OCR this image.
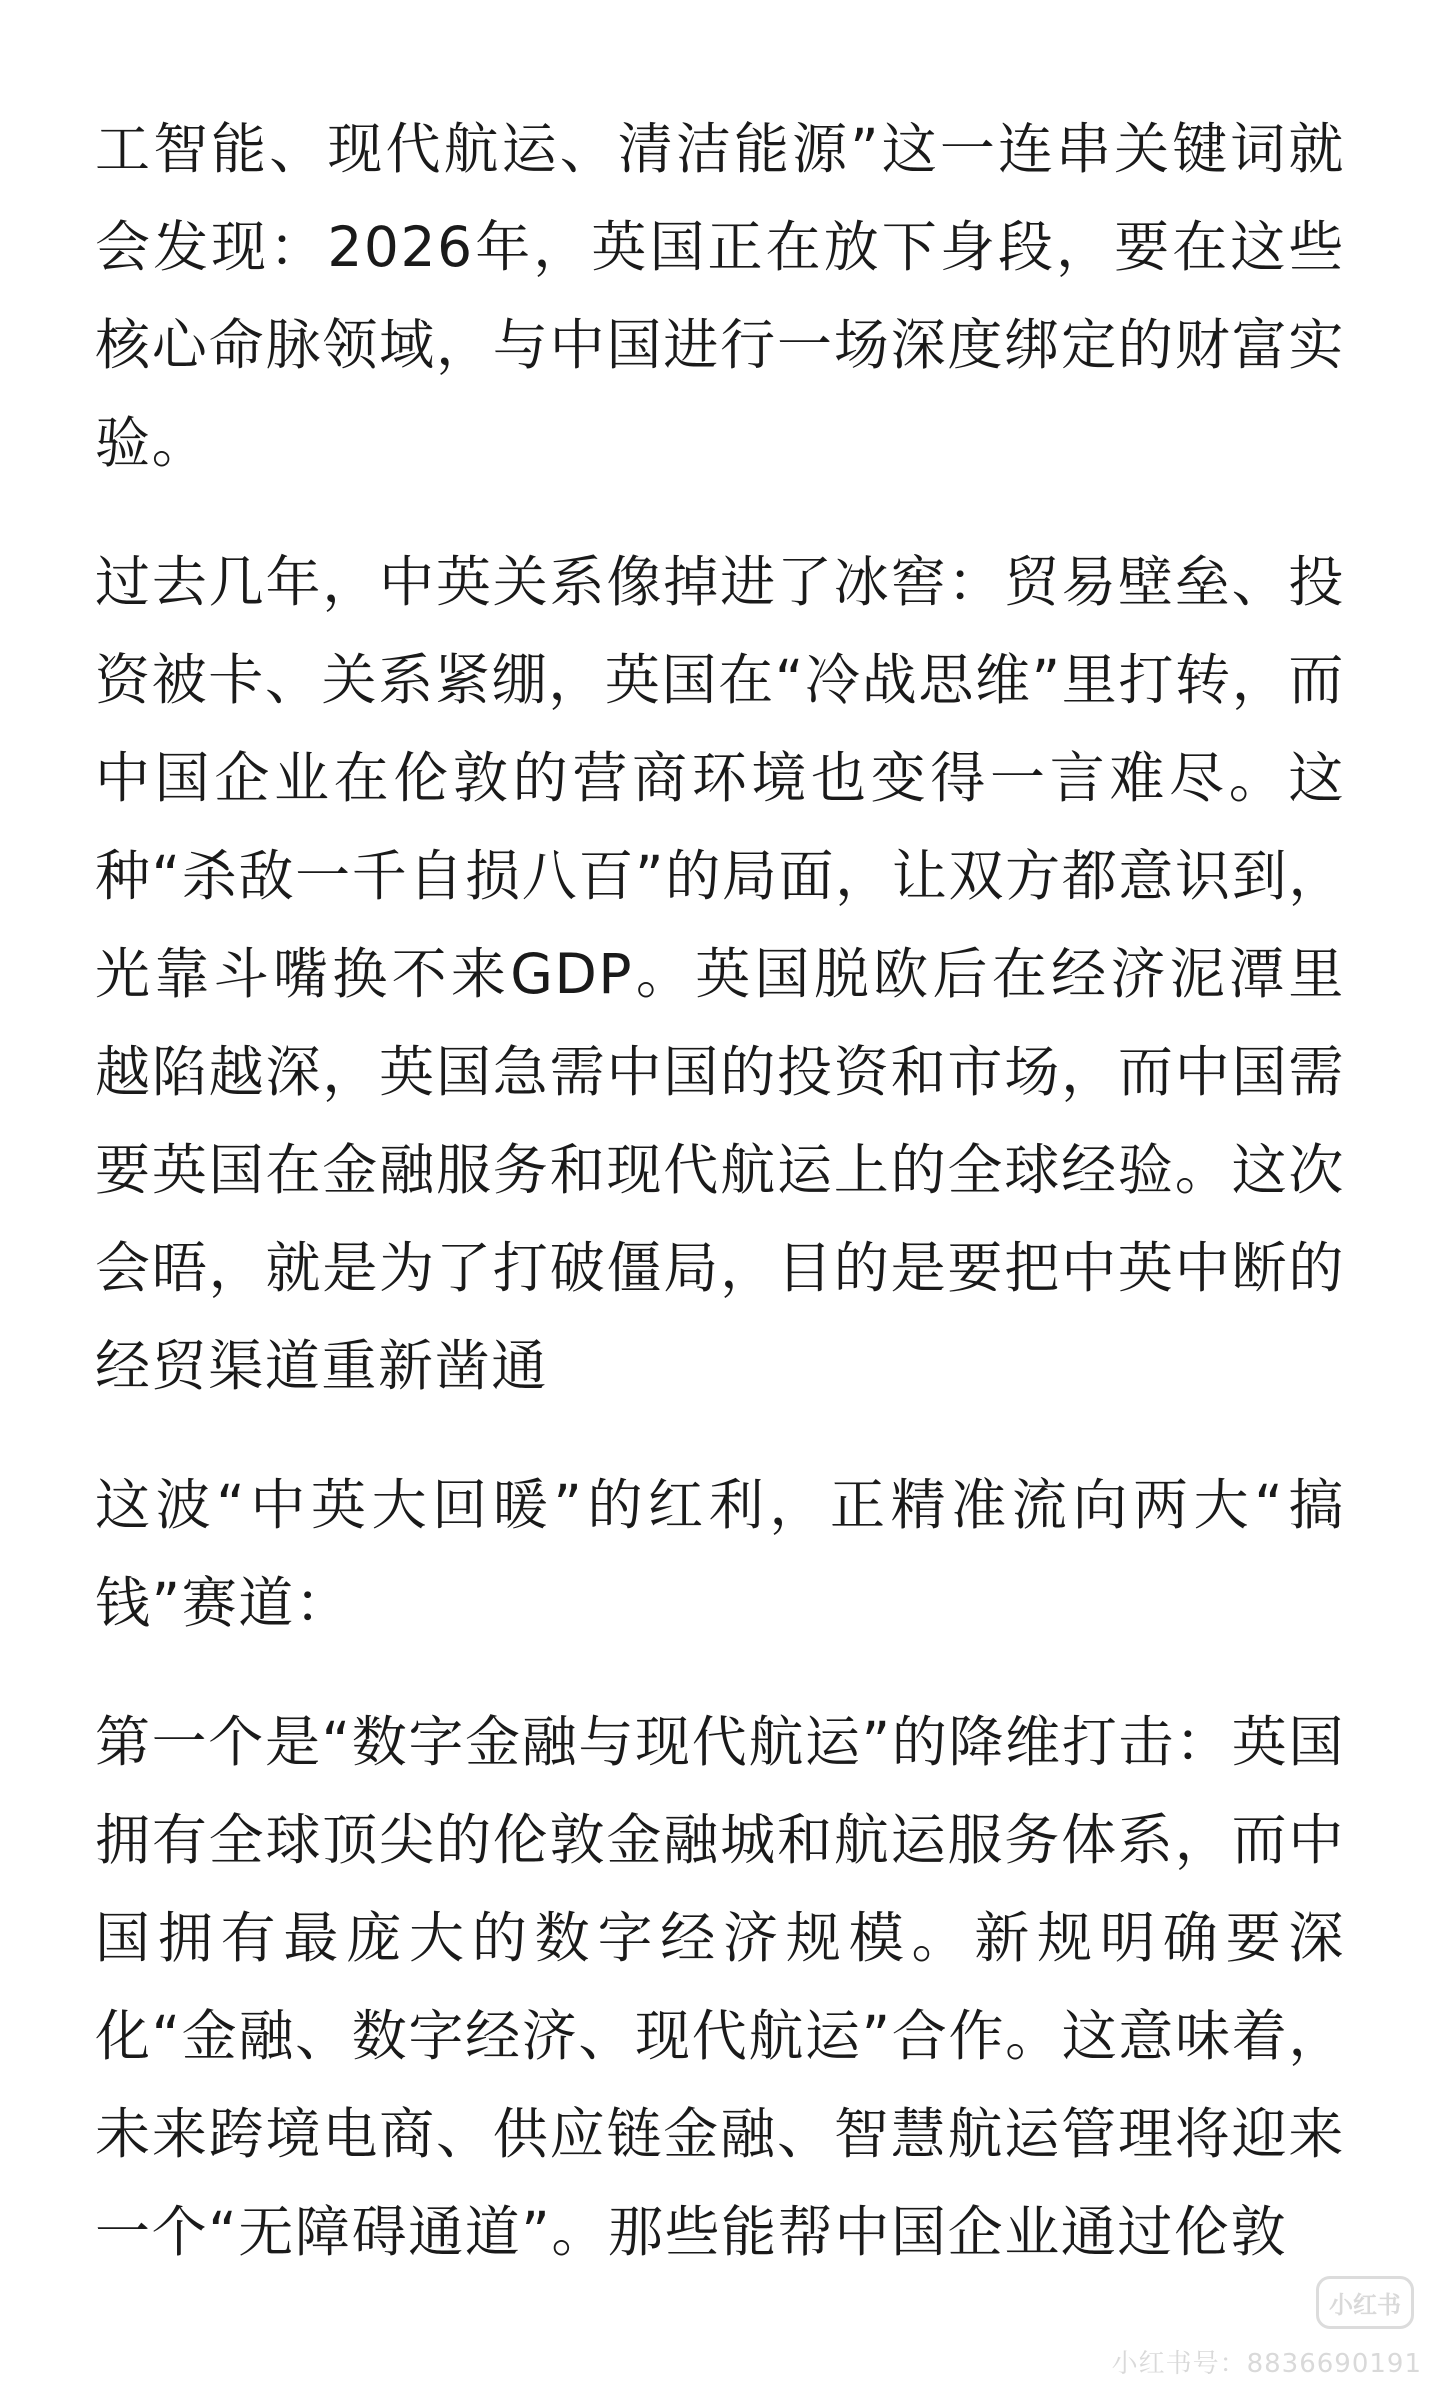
工智能、现代航运、清洁能源”这一连串关键词就会发现：2026年，英国正在放下身段，要在这些核心命脉领域，与中国进行一场深度绑定的财富实验。

过去几年，中英关系像掉进了冰窖：贸易壁垒、投资被卡、关系紧绷，英国在“冷战思维”里打转，而中国企业在伦敦的营商环境也变得一言难尽。这种“杀敌一千自损八百”的局面，让双方都意识到，光靠斗嘴换不来GDP。英国脱欧后在经济泥潭里越陷越深，英国急需中国的投资和市场，而中国需要英国在金融服务和现代航运上的全球经验。这次会晤，就是为了打破僵局，目的是要把中英中断的经贸渠道重新凿通

这波“中英大回暖”的红利，正精准流向两大“搞钱”赛道：

第一个是“数字金融与现代航运”的降维打击：英国拥有全球顶尖的伦敦金融城和航运服务体系，而中国拥有最庞大的数字经济规模。新规明确要深化“金融、数字经济、现代航运”合作。这意味着，未来跨境电商、供应链金融、智慧航运管理将迎来一个“无障碍通道”。那些能帮中国企业通过伦敦

小红书
小红书号：8836690191
